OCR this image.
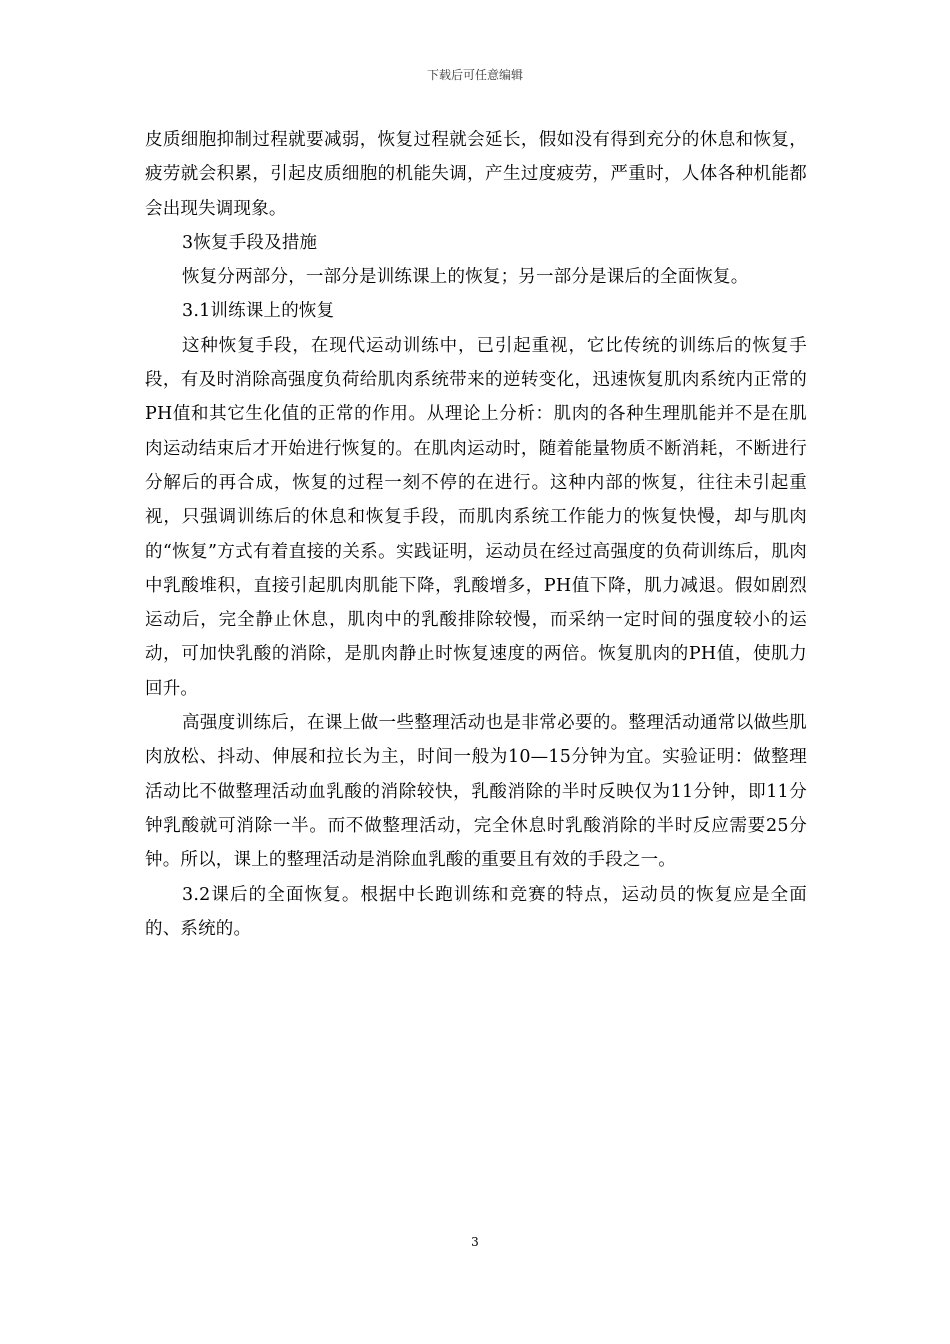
下载后可任意编辑

皮质细胞抑制过程就要减弱，恢复过程就会延长，假如没有得到充分的休息和恢复，疲劳就会积累，引起皮质细胞的机能失调，产生过度疲劳，严重时，人体各种机能都会出现失调现象。

3恢复手段及措施

恢复分两部分，一部分是训练课上的恢复；另一部分是课后的全面恢复。

3.1训练课上的恢复

这种恢复手段，在现代运动训练中，已引起重视，它比传统的训练后的恢复手段，有及时消除高强度负荷给肌肉系统带来的逆转变化，迅速恢复肌肉系统内正常的PH值和其它生化值的正常的作用。从理论上分析：肌肉的各种生理肌能并不是在肌肉运动结束后才开始进行恢复的。在肌肉运动时，随着能量物质不断消耗，不断进行分解后的再合成，恢复的过程一刻不停的在进行。这种内部的恢复，往往未引起重视，只强调训练后的休息和恢复手段，而肌肉系统工作能力的恢复快慢，却与肌肉的“恢复”方式有着直接的关系。实践证明，运动员在经过高强度的负荷训练后，肌肉中乳酸堆积，直接引起肌肉肌能下降，乳酸增多，PH值下降，肌力减退。假如剧烈运动后，完全静止休息，肌肉中的乳酸排除较慢，而采纳一定时间的强度较小的运动，可加快乳酸的消除，是肌肉静止时恢复速度的两倍。恢复肌肉的PH值，使肌力回升。

高强度训练后，在课上做一些整理活动也是非常必要的。整理活动通常以做些肌肉放松、抖动、伸展和拉长为主，时间一般为10—15分钟为宜。实验证明：做整理活动比不做整理活动血乳酸的消除较快，乳酸消除的半时反映仅为11分钟，即11分钟乳酸就可消除一半。而不做整理活动，完全休息时乳酸消除的半时反应需要25分钟。所以，课上的整理活动是消除血乳酸的重要且有效的手段之一。

3.2课后的全面恢复。根据中长跑训练和竞赛的特点，运动员的恢复应是全面的、系统的。

3
